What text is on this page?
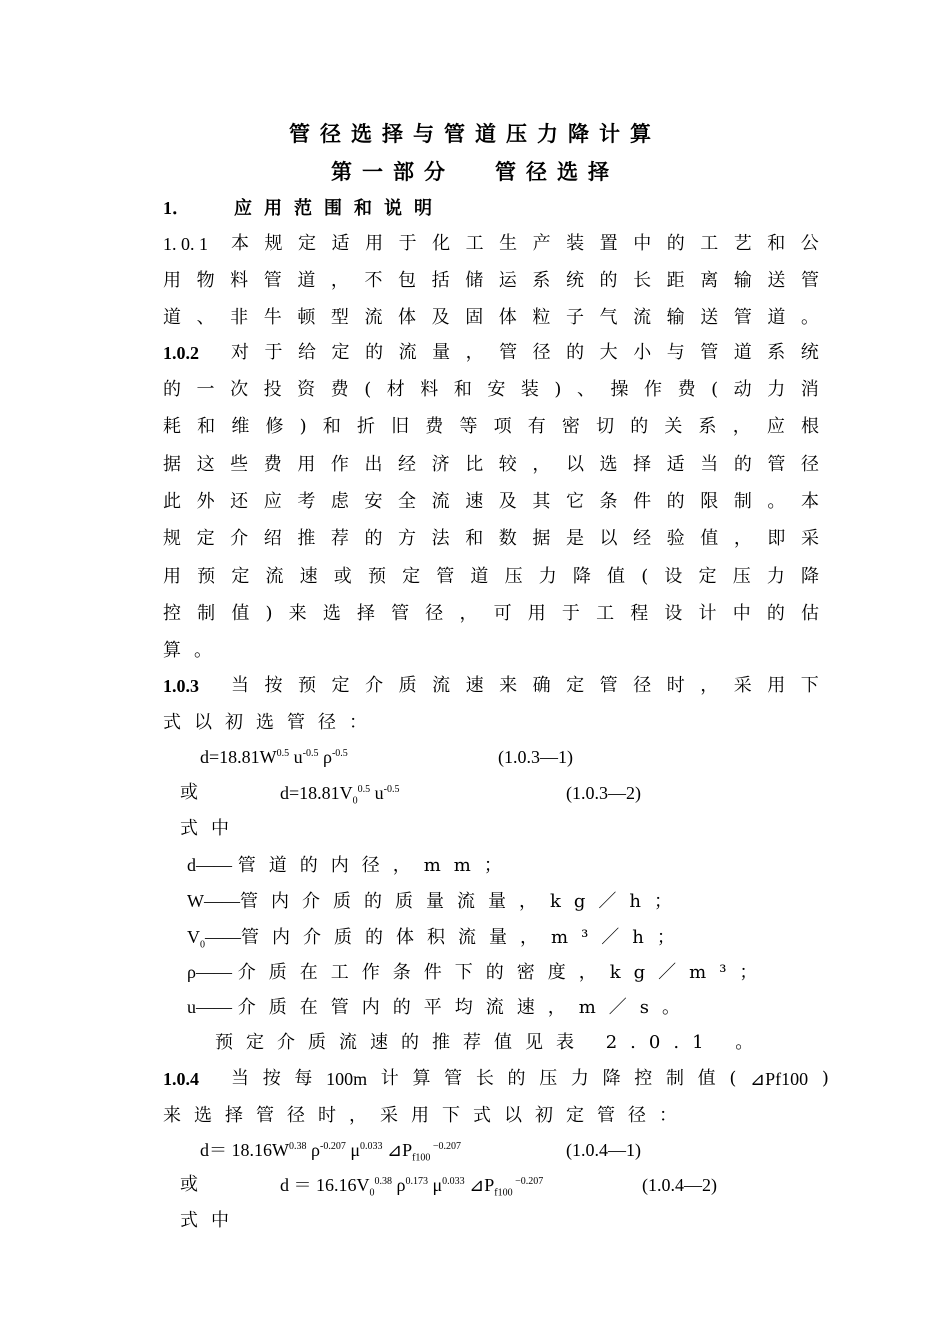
管径选择与管道压力降计算
第一部分 管径选择
1． 应用范围和说明
1. 0. 1	本 规 定 适 用 于 化 工 生 产 装 置 中 的 工 艺 和 公
用 物 料 管 道 ， 不 包 括 储 运 系 统 的 长 距 离 输 送 管
道 、 非 牛 顿 型 流 体 及 固 体 粒 子 气 流 输 送 管 道 。
1.0.2	对 于 给 定 的 流 量 ， 管 径 的 大 小 与 管 道 系 统
的 一 次 投 资 费 ( 材 料 和 安 装 ) 、 操 作 费 ( 动 力 消
耗 和 维 修 ) 和 折 旧 费 等 项 有 密 切 的 关 系 ， 应 根
据 这 些 费 用 作 出 经 济 比 较 ， 以 选 择 适 当 的 管 径
此 外 还 应 考 虑 安 全 流 速 及 其 它 条 件 的 限 制 。 本
规 定 介 绍 推 荐 的 方 法 和 数 据 是 以 经 验 值 ， 即 采
用 预 定 流 速 或 预 定 管 道 压 力 降 值 ( 设 定 压 力 降
控 制 值 ) 来 选 择 管 径 ， 可 用 于 工 程 设 计 中 的 估
算。
1.0.3	当 按 预 定 介 质 流 速 来 确 定 管 径 时 ， 采 用 下
式以初选管径：
$d=18.81W^{0.5}$ $u^{-0.5}$ $\rho^{-0.5}$	(1.0.3—1)
或	$d=18.81V_0^{0.5}$ $u^{-0.5}$	(1.0.3—2)
式中
d—— 管道的内径，mm；
W——管内介质的质量流量，kg／h；
$V_0——$管内介质的体积流量，m³／h；
ρ—— 介质在工作条件下的密度，kg／m³；
u—— 介质在管内的平均流速，m／s。
预定介质流速的推荐值见表 2.0.1 。
1.0.4	当 按 每 100m 计 算 管 长 的 压 力 降 控 制 值 ( ⊿Pf100 )
来选择管径时，采用下式以初定管径：
$d= 18.16W^{0.38}$ $\rho^{-0.207}$ $\mu^{0.033}$ $⊿P_{f100}$ $^{-0.207}$	(1.0.4—1)
或	$d = 16.16V_0^{0.38}$ $\rho^{0.173}$ $\mu^{0.033}$ $⊿P_{f100}$ $^{-0.207}$	(1.0.4—2)
式中
